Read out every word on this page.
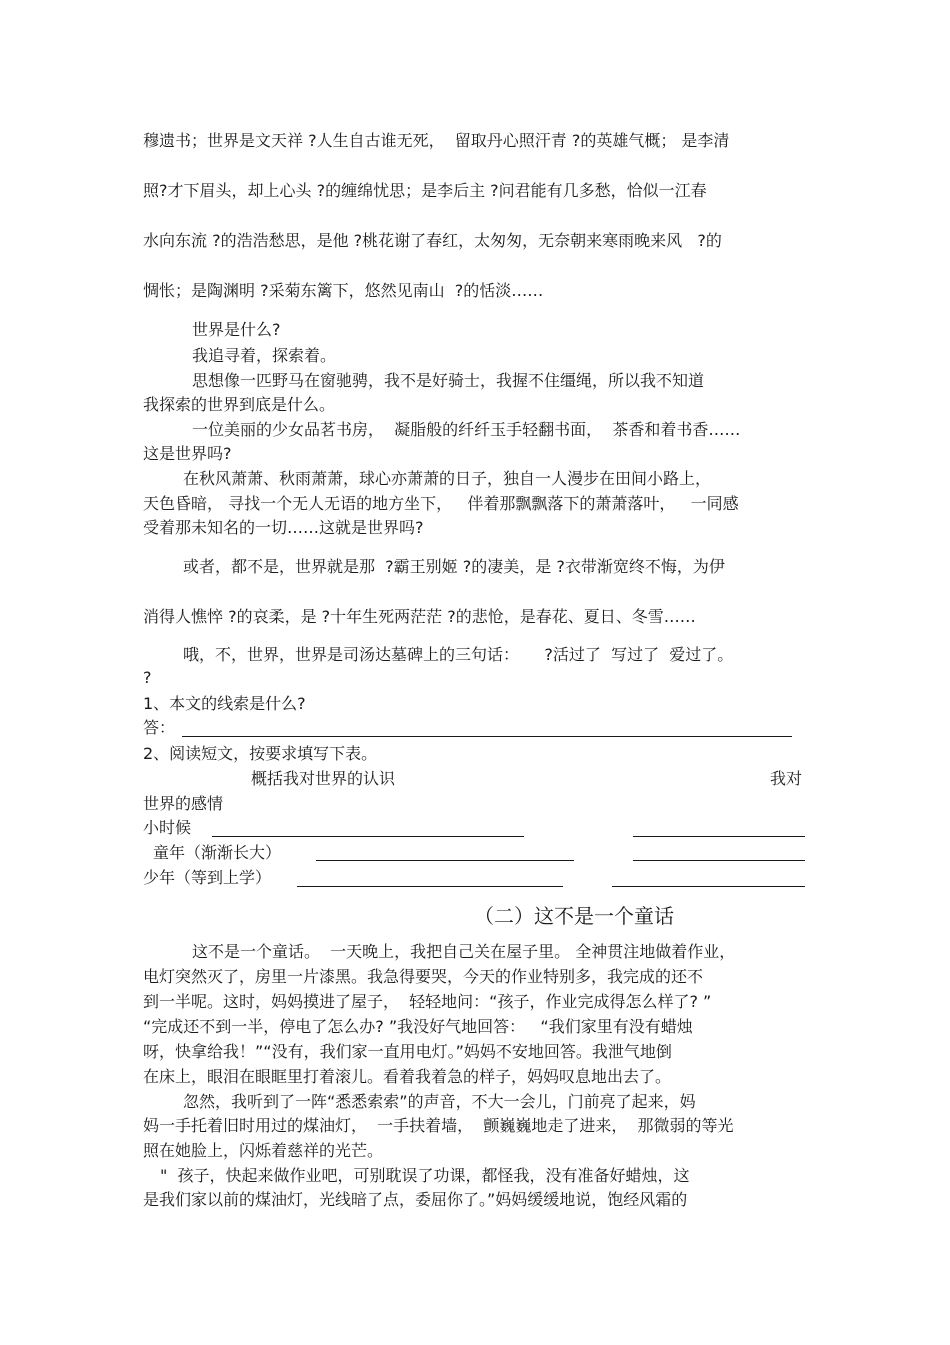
穆遗书；世界是文天祥 ?人生自古谁无死，  留取丹心照汗青 ?的英雄气概； 是李清
照?才下眉头，却上心头 ?的缠绵忧思；是李后主 ?问君能有几多愁，恰似一江春
水向东流 ?的浩浩愁思，是他 ?桃花谢了春红，太匆匆，无奈朝来寒雨晚来风   ?的
惆怅；是陶渊明 ?采菊东篱下，悠然见南山  ?的恬淡……
世界是什么?
我追寻着，探索着。
思想像一匹野马在窗驰骋，我不是好骑士，我握不住缰绳，所以我不知道
我探索的世界到底是什么。
一位美丽的少女品茗书房，  凝脂般的纤纤玉手轻翻书面，  茶香和着书香……
这是世界吗?
在秋风萧萧、秋雨萧萧，球心亦萧萧的日子，独自一人漫步在田间小路上，
天色昏暗， 寻找一个无人无语的地方坐下，   伴着那飘飘落下的萧萧落叶，   一同感
受着那未知名的一切……这就是世界吗?
或者，都不是，世界就是那  ?霸王别姬 ?的凄美，是 ?衣带渐宽终不悔，为伊
消得人憔悴 ?的哀柔，是 ?十年生死两茫茫 ?的悲怆，是春花、夏日、冬雪……
哦，不，世界，世界是司汤达墓碑上的三句话：     ?活过了  写过了  爱过了。
?
1、本文的线索是什么?
答：
2、阅读短文，按要求填写下表。
概括我对世界的认识	我对
世界的感情
小时候
童年（渐渐长大）
少年（等到上学）
（二）这不是一个童话
这不是一个童话。  一天晚上，我把自己关在屋子里。 全神贯注地做着作业，
电灯突然灭了，房里一片漆黑。我急得要哭，今天的作业特别多，我完成的还不
到一半呢。这时，妈妈摸进了屋子，  轻轻地问：“孩子，作业完成得怎么样了? ”
“完成还不到一半，停电了怎么办? ”我没好气地回答：   “我们家里有没有蜡烛
呀，快拿给我！”“没有，我们家一直用电灯。”妈妈不安地回答。我泄气地倒
在床上，眼泪在眼眶里打着滚儿。看着我着急的样子，妈妈叹息地出去了。
忽然，我听到了一阵“悉悉索索”的声音，不大一会儿，门前亮了起来，妈
妈一手托着旧时用过的煤油灯，  一手扶着墙，  颤巍巍地走了进来，  那微弱的等光
照在她脸上，闪烁着慈祥的光芒。
"  孩子，快起来做作业吧，可别耽误了功课，都怪我，没有准备好蜡烛，这
是我们家以前的煤油灯，光线暗了点，委屈你了。”妈妈缓缓地说，饱经风霜的
